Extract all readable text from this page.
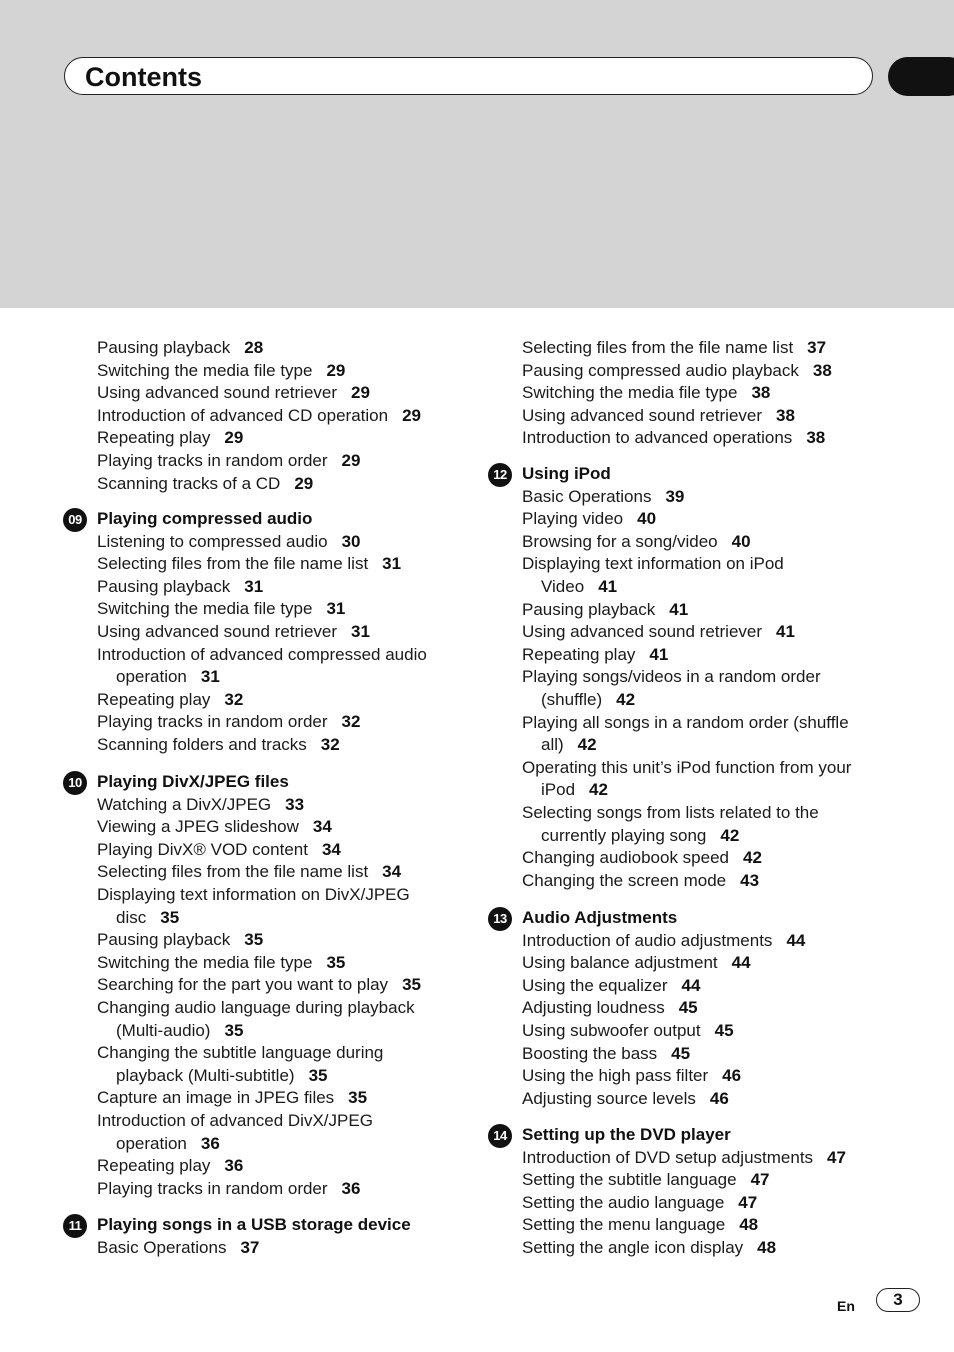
Contents
Pausing playback 28
Switching the media file type 29
Using advanced sound retriever 29
Introduction of advanced CD operation 29
Repeating play 29
Playing tracks in random order 29
Scanning tracks of a CD 29
09 Playing compressed audio
Listening to compressed audio 30
Selecting files from the file name list 31
Pausing playback 31
Switching the media file type 31
Using advanced sound retriever 31
Introduction of advanced compressed audio
operation 31
Repeating play 32
Playing tracks in random order 32
Scanning folders and tracks 32
10 Playing DivX/JPEG files
Watching a DivX/JPEG 33
Viewing a JPEG slideshow 34
Playing DivX® VOD content 34
Selecting files from the file name list 34
Displaying text information on DivX/JPEG
disc 35
Pausing playback 35
Switching the media file type 35
Searching for the part you want to play 35
Changing audio language during playback
(Multi-audio) 35
Changing the subtitle language during
playback (Multi-subtitle) 35
Capture an image in JPEG files 35
Introduction of advanced DivX/JPEG
operation 36
Repeating play 36
Playing tracks in random order 36
11 Playing songs in a USB storage device
Basic Operations 37
Selecting files from the file name list 37
Pausing compressed audio playback 38
Switching the media file type 38
Using advanced sound retriever 38
Introduction to advanced operations 38
12 Using iPod
Basic Operations 39
Playing video 40
Browsing for a song/video 40
Displaying text information on iPod
Video 41
Pausing playback 41
Using advanced sound retriever 41
Repeating play 41
Playing songs/videos in a random order
(shuffle) 42
Playing all songs in a random order (shuffle
all) 42
Operating this unit’s iPod function from your
iPod 42
Selecting songs from lists related to the
currently playing song 42
Changing audiobook speed 42
Changing the screen mode 43
13 Audio Adjustments
Introduction of audio adjustments 44
Using balance adjustment 44
Using the equalizer 44
Adjusting loudness 45
Using subwoofer output 45
Boosting the bass 45
Using the high pass filter 46
Adjusting source levels 46
14 Setting up the DVD player
Introduction of DVD setup adjustments 47
Setting the subtitle language 47
Setting the audio language 47
Setting the menu language 48
Setting the angle icon display 48
En	3
